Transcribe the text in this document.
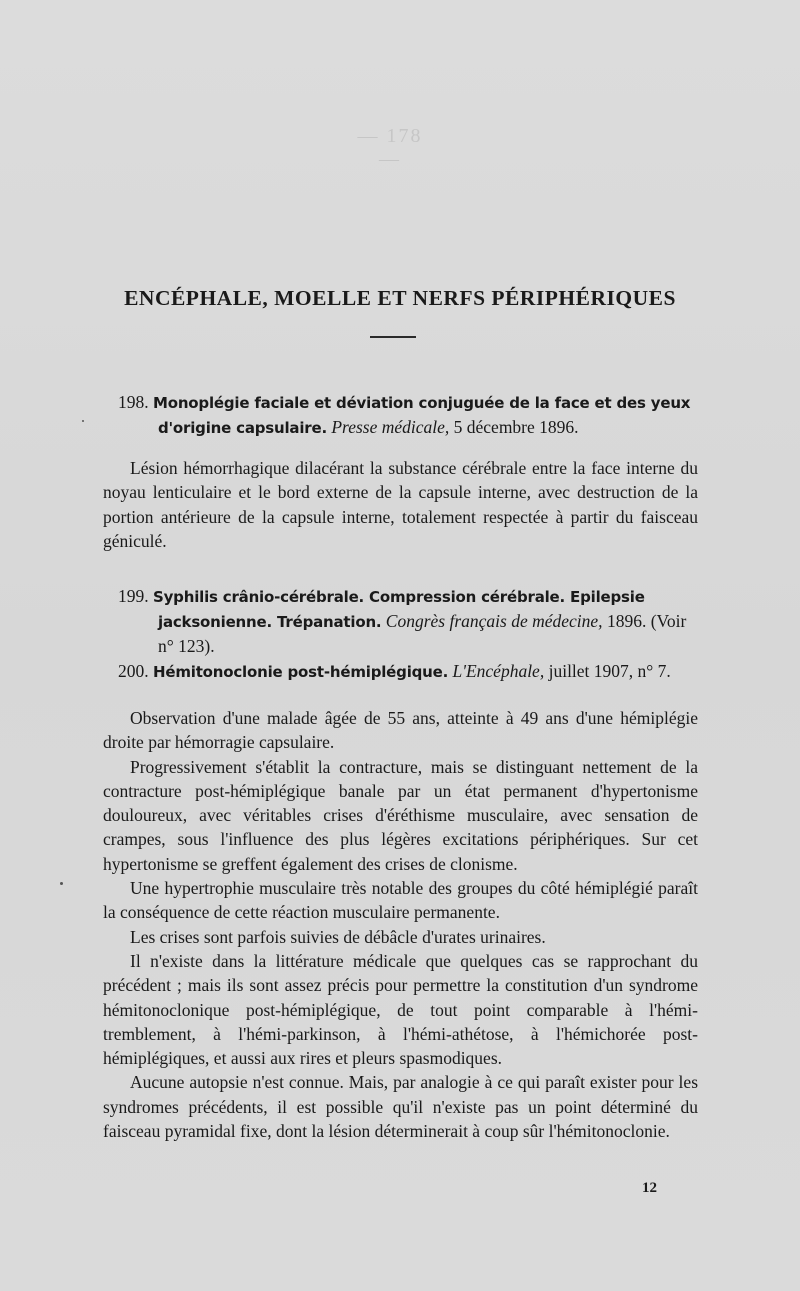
— 178 —
ENCÉPHALE, MOELLE ET NERFS PÉRIPHÉRIQUES
198. Monoplégie faciale et déviation conjuguée de la face et des yeux d'origine capsulaire. Presse médicale, 5 décembre 1896.
Lésion hémorrhagique dilacérant la substance cérébrale entre la face interne du noyau lenticulaire et le bord externe de la capsule interne, avec destruction de la portion antérieure de la capsule interne, totalement respectée à partir du faisceau géniculé.
199. Syphilis crânio-cérébrale. Compression cérébrale. Epilepsie jacksonienne. Trépanation. Congrès français de médecine, 1896. (Voir n° 123).
200. Hémitonoclonie post-hémiplégique. L'Encéphale, juillet 1907, n° 7.

Observation d'une malade âgée de 55 ans, atteinte à 49 ans d'une hémiplégie droite par hémorragie capsulaire.

Progressivement s'établit la contracture, mais se distinguant nettement de la contracture post-hémiplégique banale par un état permanent d'hypertonisme douloureux, avec véritables crises d'éréthisme musculaire, avec sensation de crampes, sous l'influence des plus légères excitations périphériques. Sur cet hypertonisme se greffent également des crises de clonisme.

Une hypertrophie musculaire très notable des groupes du côté hémiplégié paraît la conséquence de cette réaction musculaire permanente.

Les crises sont parfois suivies de débâcle d'urates urinaires.

Il n'existe dans la littérature médicale que quelques cas se rapprochant du précédent ; mais ils sont assez précis pour permettre la constitution d'un syndrome hémitonoclonique post-hémiplégique, de tout point comparable à l'hémi-tremblement, à l'hémi-parkinson, à l'hémi-athétose, à l'hémichorée post-hémiplégiques, et aussi aux rires et pleurs spasmodiques.

Aucune autopsie n'est connue. Mais, par analogie à ce qui paraît exister pour les syndromes précédents, il est possible qu'il n'existe pas un point déterminé du faisceau pyramidal fixe, dont la lésion déterminerait à coup sûr l'hémitonoclonie.

12
